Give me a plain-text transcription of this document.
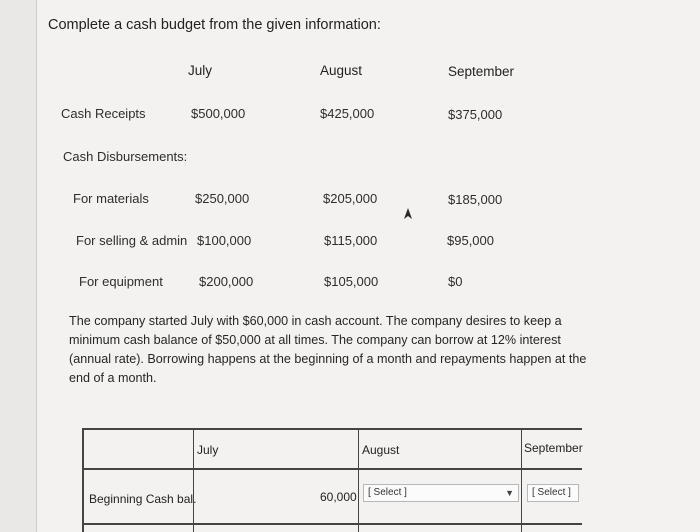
Complete a cash budget from the given information:
July	August	September
Cash Receipts	$500,000	$425,000	$375,000
Cash Disbursements:
For materials	$250,000	$205,000	$185,000
For selling & admin $100,000	$115,000	$95,000
For equipment	$200,000	$105,000	$0
The company started July with $60,000 in cash account. The company desires to keep a minimum cash balance of $50,000 at all times. The company can borrow at 12% interest (annual rate). Borrowing happens at the beginning of a month and repayments happen at the end of a month.
July	August	September
Beginning Cash bal.	60,000	[ Select ]	▼	[ Select ]
